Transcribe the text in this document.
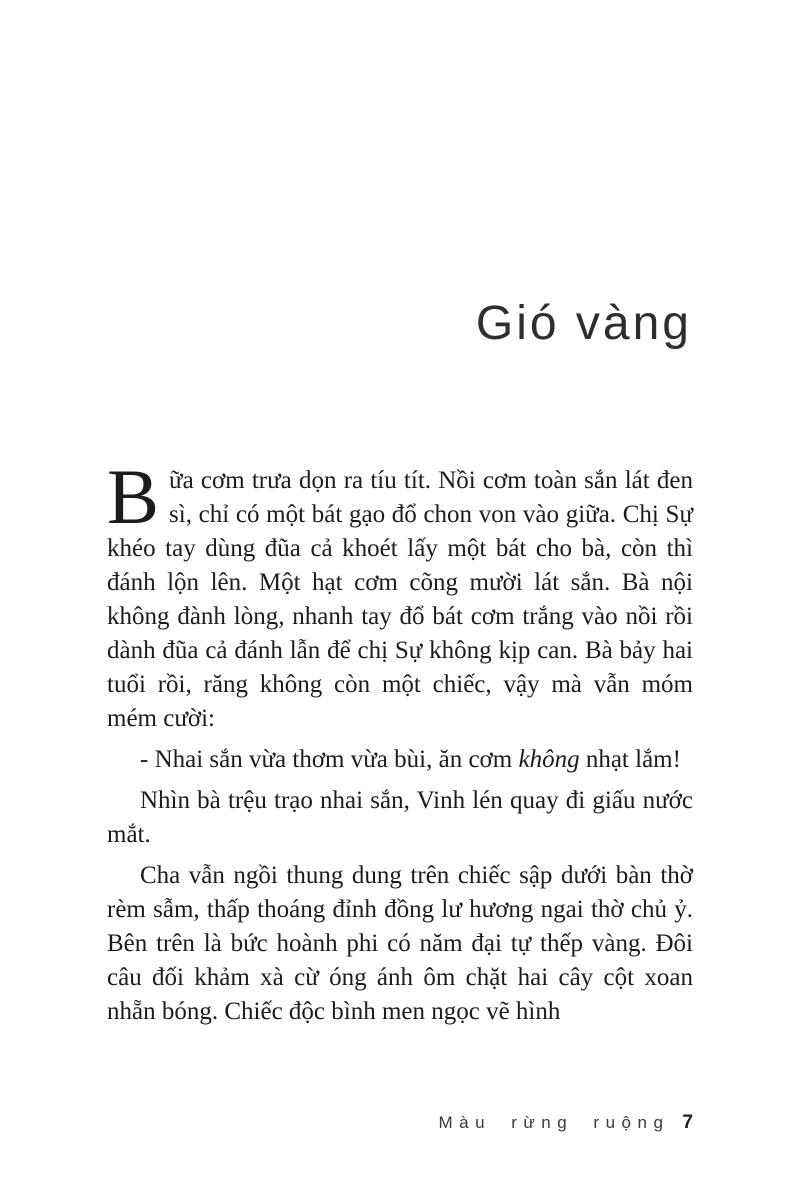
Gió vàng

Bữa cơm trưa dọn ra tíu tít. Nồi cơm toàn sắn lát đen sì, chỉ có một bát gạo đổ chon von vào giữa. Chị Sự khéo tay dùng đũa cả khoét lấy một bát cho bà, còn thì đánh lộn lên. Một hạt cơm cõng mười lát sắn. Bà nội không đành lòng, nhanh tay đổ bát cơm trắng vào nồi rồi dành đũa cả đánh lẫn để chị Sự không kịp can. Bà bảy hai tuổi rồi, răng không còn một chiếc, vậy mà vẫn móm mém cười:

- Nhai sắn vừa thơm vừa bùi, ăn cơm không nhạt lắm!

Nhìn bà trệu trạo nhai sắn, Vinh lén quay đi giấu nước mắt.

Cha vẫn ngồi thung dung trên chiếc sập dưới bàn thờ rèm sẫm, thấp thoáng đỉnh đồng lư hương ngai thờ chủ ỷ. Bên trên là bức hoành phi có năm đại tự thếp vàng. Đôi câu đối khảm xà cừ óng ánh ôm chặt hai cây cột xoan nhẵn bóng. Chiếc độc bình men ngọc vẽ hình

Màu rừng ruộng 7
